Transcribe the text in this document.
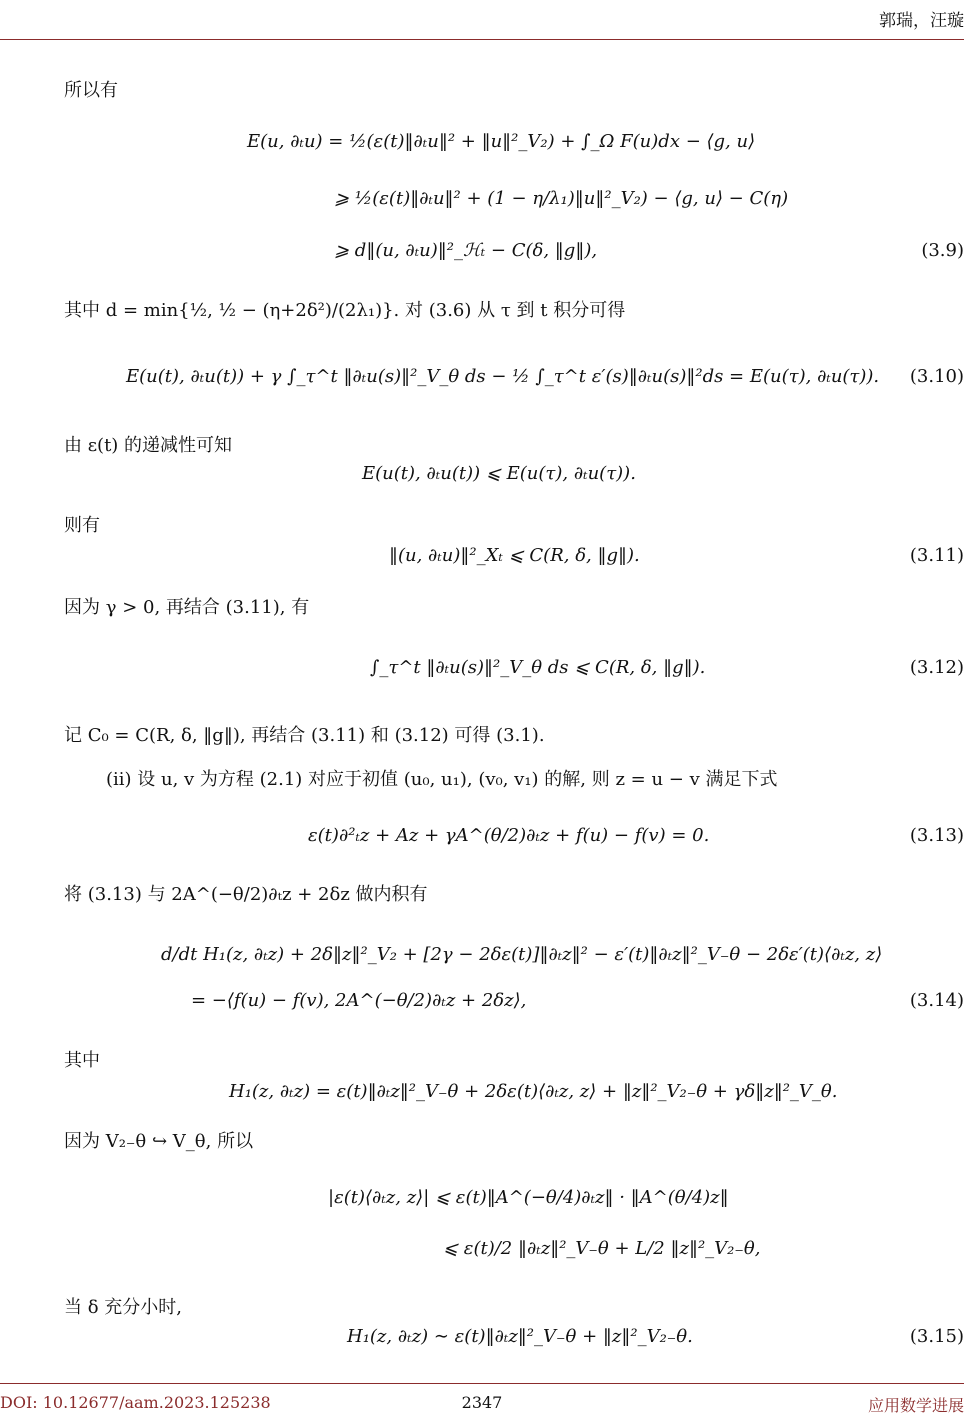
郭瑞，汪璇
所以有
E(u, ∂ₜu) = ½(ε(t)‖∂ₜu‖² + ‖u‖²_V₂) + ∫_Ω F(u)dx − ⟨g, u⟩
⩾ ½(ε(t)‖∂ₜu‖² + (1 − η/λ₁)‖u‖²_V₂) − ⟨g, u⟩ − C(η)
⩾ d‖(u, ∂ₜu)‖²_ℋₜ − C(δ, ‖g‖),	(3.9)
其中 d = min{½, ½ − (η+2δ²)/(2λ₁)}. 对 (3.6) 从 τ 到 t 积分可得
E(u(t), ∂ₜu(t)) + γ ∫_τ^t ‖∂ₜu(s)‖²_V_θ ds − ½ ∫_τ^t ε′(s)‖∂ₜu(s)‖²ds = E(u(τ), ∂ₜu(τ)). (3.10)
由 ε(t) 的递减性可知
E(u(t), ∂ₜu(t)) ⩽ E(u(τ), ∂ₜu(τ)).
则有
‖(u, ∂ₜu)‖²_Xₜ ⩽ C(R, δ, ‖g‖).	(3.11)
因为 γ > 0, 再结合 (3.11), 有
∫_τ^t ‖∂ₜu(s)‖²_V_θ ds ⩽ C(R, δ, ‖g‖).	(3.12)
记 C₀ = C(R, δ, ‖g‖), 再结合 (3.11) 和 (3.12) 可得 (3.1).
(ii) 设 u, v 为方程 (2.1) 对应于初值 (u₀, u₁), (v₀, v₁) 的解, 则 z = u − v 满足下式
ε(t)∂²ₜz + Az + γA^(θ/2)∂ₜz + f(u) − f(v) = 0.	(3.13)
将 (3.13) 与 2A^(−θ/2)∂ₜz + 2δz 做内积有
d/dt H₁(z, ∂ₜz) + 2δ‖z‖²_V₂ + [2γ − 2δε(t)]‖∂ₜz‖² − ε′(t)‖∂ₜz‖²_V₋θ − 2δε′(t)⟨∂ₜz, z⟩
= −⟨f(u) − f(v), 2A^(−θ/2)∂ₜz + 2δz⟩,	(3.14)
其中
H₁(z, ∂ₜz) = ε(t)‖∂ₜz‖²_V₋θ + 2δε(t)⟨∂ₜz, z⟩ + ‖z‖²_V₂₋θ + γδ‖z‖²_V_θ.
因为 V₂₋θ ↪ V_θ, 所以
|ε(t)⟨∂ₜz, z⟩| ⩽ ε(t)‖A^(−θ/4)∂ₜz‖ · ‖A^(θ/4)z‖
⩽ ε(t)/2 ‖∂ₜz‖²_V₋θ + L/2 ‖z‖²_V₂₋θ,
当 δ 充分小时,
H₁(z, ∂ₜz) ∼ ε(t)‖∂ₜz‖²_V₋θ + ‖z‖²_V₂₋θ.	(3.15)
DOI: 10.12677/aam.2023.125238	2347	应用数学进展
